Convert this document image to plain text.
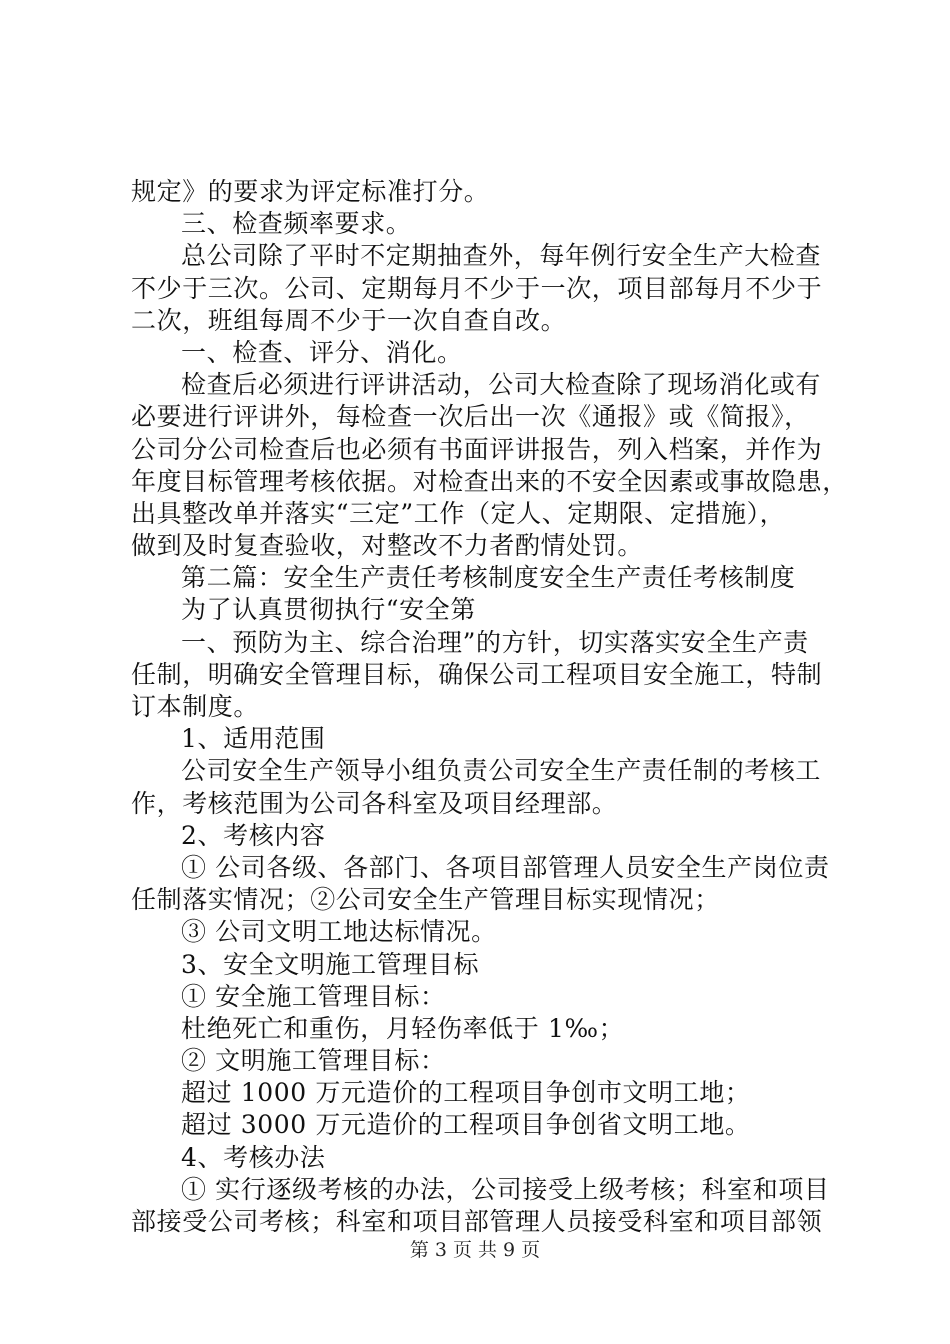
规定》的要求为评定标准打分。
三、检查频率要求。
总公司除了平时不定期抽查外，每年例行安全生产大检查
不少于三次。公司、定期每月不少于一次，项目部每月不少于
二次，班组每周不少于一次自查自改。
一、检查、评分、消化。
检查后必须进行评讲活动，公司大检查除了现场消化或有
必要进行评讲外，每检查一次后出一次《通报》或《简报》，
公司分公司检查后也必须有书面评讲报告，列入档案，并作为
年度目标管理考核依据。对检查出来的不安全因素或事故隐患，
出具整改单并落实“三定”工作（定人、定期限、定措施），
做到及时复查验收，对整改不力者酌情处罚。
第二篇：安全生产责任考核制度安全生产责任考核制度
为了认真贯彻执行“安全第
一、预防为主、综合治理”的方针，切实落实安全生产责
任制，明确安全管理目标，确保公司工程项目安全施工，特制
订本制度。
1、适用范围
公司安全生产领导小组负责公司安全生产责任制的考核工
作，考核范围为公司各科室及项目经理部。
2、考核内容
① 公司各级、各部门、各项目部管理人员安全生产岗位责
任制落实情况；②公司安全生产管理目标实现情况；
③ 公司文明工地达标情况。
3、安全文明施工管理目标
① 安全施工管理目标：
杜绝死亡和重伤，月轻伤率低于 1‰；
② 文明施工管理目标：
超过 1000 万元造价的工程项目争创市文明工地；
超过 3000 万元造价的工程项目争创省文明工地。
4、考核办法
① 实行逐级考核的办法，公司接受上级考核；科室和项目
部接受公司考核；科室和项目部管理人员接受科室和项目部领
第 3 页 共 9 页
